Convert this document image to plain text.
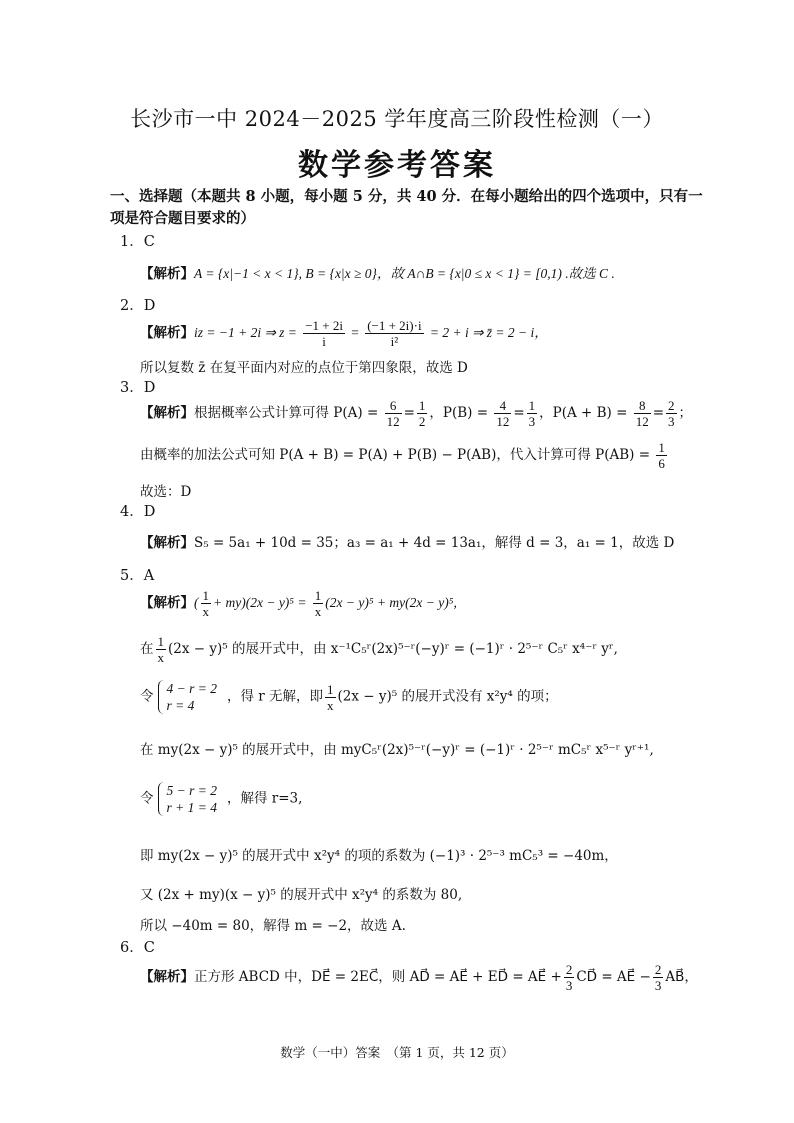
长沙市一中 2024－2025 学年度高三阶段性检测（一）
数学参考答案
一、选择题（本题共 8 小题，每小题 5 分，共 40 分．在每小题给出的四个选项中，只有一项是符合题目要求的）
1．C
【解析】A = {x|−1 < x < 1}, B = {x|x ≥ 0}，故 A∩B = {x|0 ≤ x < 1} = [0,1) .故选 C .
2．D
【解析】iz = −1 + 2i ⇒ $z = \frac{-1 + 2i}{i} = \frac{(-1 + 2i)\cdot i}{\text{i²}} = 2 + i$ ⇒ z̄ = 2 − i，
所以复数 z̄ 在复平面内对应的点位于第四象限，故选 D
3．D
【解析】根据概率公式计算可得 $P(A) = \frac{6}{12} = \frac{1}{2}$ ，$P(B) = \frac{4}{12} = \frac{1}{3}$ ，$P(A + B) = \frac{8}{12} = \frac{2}{3}$ ；
由概率的加法公式可知 P(A + B) = P(A) + P(B) − P(AB)，代入计算可得 $P(AB) = \frac{1}{6}$
故选：D
4．D
【解析】S₅ = 5a₁ + 10d = 35；a₃ = a₁ + 4d = 13a₁，解得 d = 3，a₁ = 1，故选 D
5．A
【解析】( $\frac{1}{x} + my)(2x - y)^5 = \frac{1}{x} (2x - y)^5 + my(2x - y)^5$,
在 $\frac{1}{x} (2x - y)^5$ 的展开式中，由 x⁻¹C₅ʳ(2x)⁵⁻ʳ(−y)ʳ = (−1)ʳ · 2⁵⁻ʳ C₅ʳ x⁴⁻ʳ yʳ,
令 4 − r = 2
r = 4
，得 r 无解，即 $\frac{1}{x} (2x - y)^5$ 的展开式没有 x²y⁴ 的项；
在 my(2x − y)⁵ 的展开式中，由 myC₅ʳ(2x)⁵⁻ʳ(−y)ʳ = (−1)ʳ · 2⁵⁻ʳ mC₅ʳ x⁵⁻ʳ yʳ⁺¹,
令 5 − r = 2
r + 1 = 4
，解得 r=3,
即 my(2x − y)⁵ 的展开式中 x²y⁴ 的项的系数为 (−1)³ · 2⁵⁻³ mC₅³ = −40m，
又 (2x + my)(x − y)⁵ 的展开式中 x²y⁴ 的系数为 80,
所以 −40m = 80，解得 m = −2，故选 A.
6．C
【解析】正方形 ABCD 中，DE⃗ = 2EC⃗，则 AD⃗ = AE⃗ + ED⃗ = AE⃗ + $\frac{2}{3}$ CD⃗ = AE⃗ − $\frac{2}{3}$ AB⃗，
数学（一中）答案　（第 1 页，共 12 页）
